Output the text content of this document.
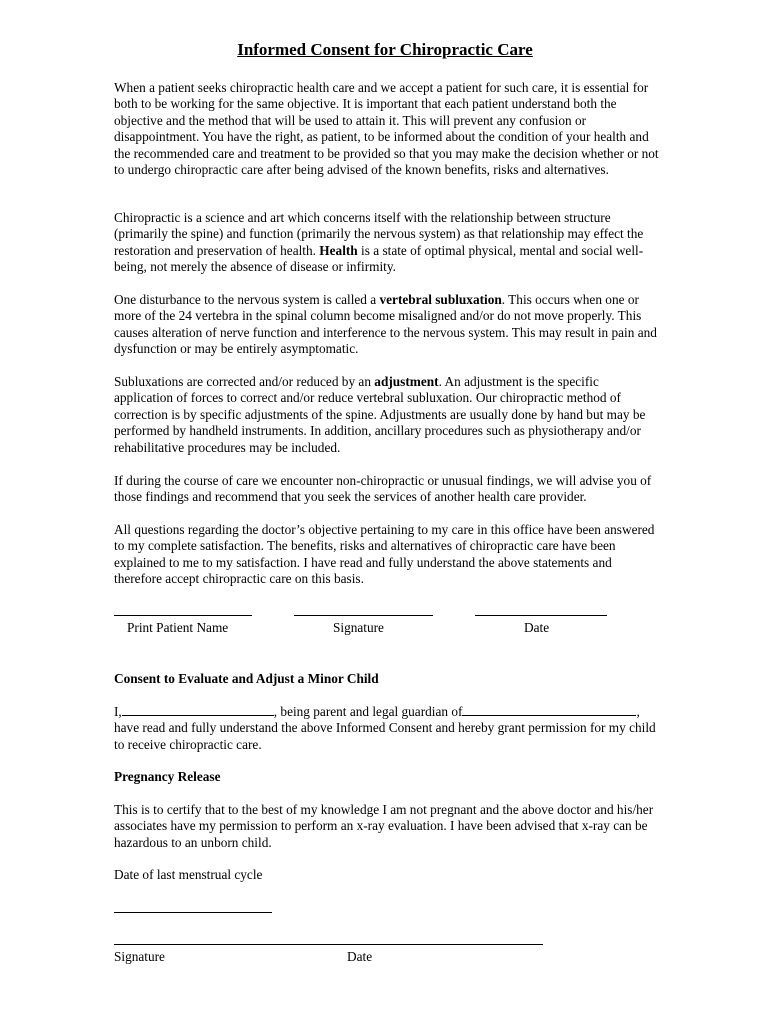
Informed Consent for Chiropractic Care

When a patient seeks chiropractic health care and we accept a patient for such care, it is essential for both to be working for the same objective. It is important that each patient understand both the objective and the method that will be used to attain it. This will prevent any confusion or disappointment. You have the right, as patient, to be informed about the condition of your health and the recommended care and treatment to be provided so that you may make the decision whether or not to undergo chiropractic care after being advised of the known benefits, risks and alternatives.

Chiropractic is a science and art which concerns itself with the relationship between structure (primarily the spine) and function (primarily the nervous system) as that relationship may effect the restoration and preservation of health. Health is a state of optimal physical, mental and social well-being, not merely the absence of disease or infirmity.

One disturbance to the nervous system is called a vertebral subluxation. This occurs when one or more of the 24 vertebra in the spinal column become misaligned and/or do not move properly. This causes alteration of nerve function and interference to the nervous system. This may result in pain and dysfunction or may be entirely asymptomatic.

Subluxations are corrected and/or reduced by an adjustment. An adjustment is the specific application of forces to correct and/or reduce vertebral subluxation. Our chiropractic method of correction is by specific adjustments of the spine. Adjustments are usually done by hand but may be performed by handheld instruments. In addition, ancillary procedures such as physiotherapy and/or rehabilitative procedures may be included.

If during the course of care we encounter non-chiropractic or unusual findings, we will advise you of those findings and recommend that you seek the services of another health care provider.

All questions regarding the doctor’s objective pertaining to my care in this office have been answered to my complete satisfaction. The benefits, risks and alternatives of chiropractic care have been explained to me to my satisfaction. I have read and fully understand the above statements and therefore accept chiropractic care on this basis.

Print Patient Name	Signature	Date
Consent to Evaluate and Adjust a Minor Child

I,	, being parent and legal guardian of	, have read and fully understand the above Informed Consent and hereby grant permission for my child to receive chiropractic care.

Pregnancy Release

This is to certify that to the best of my knowledge I am not pregnant and the above doctor and his/her associates have my permission to perform an x-ray evaluation. I have been advised that x-ray can be hazardous to an unborn child.

Date of last menstrual cycle
Signature	Date
